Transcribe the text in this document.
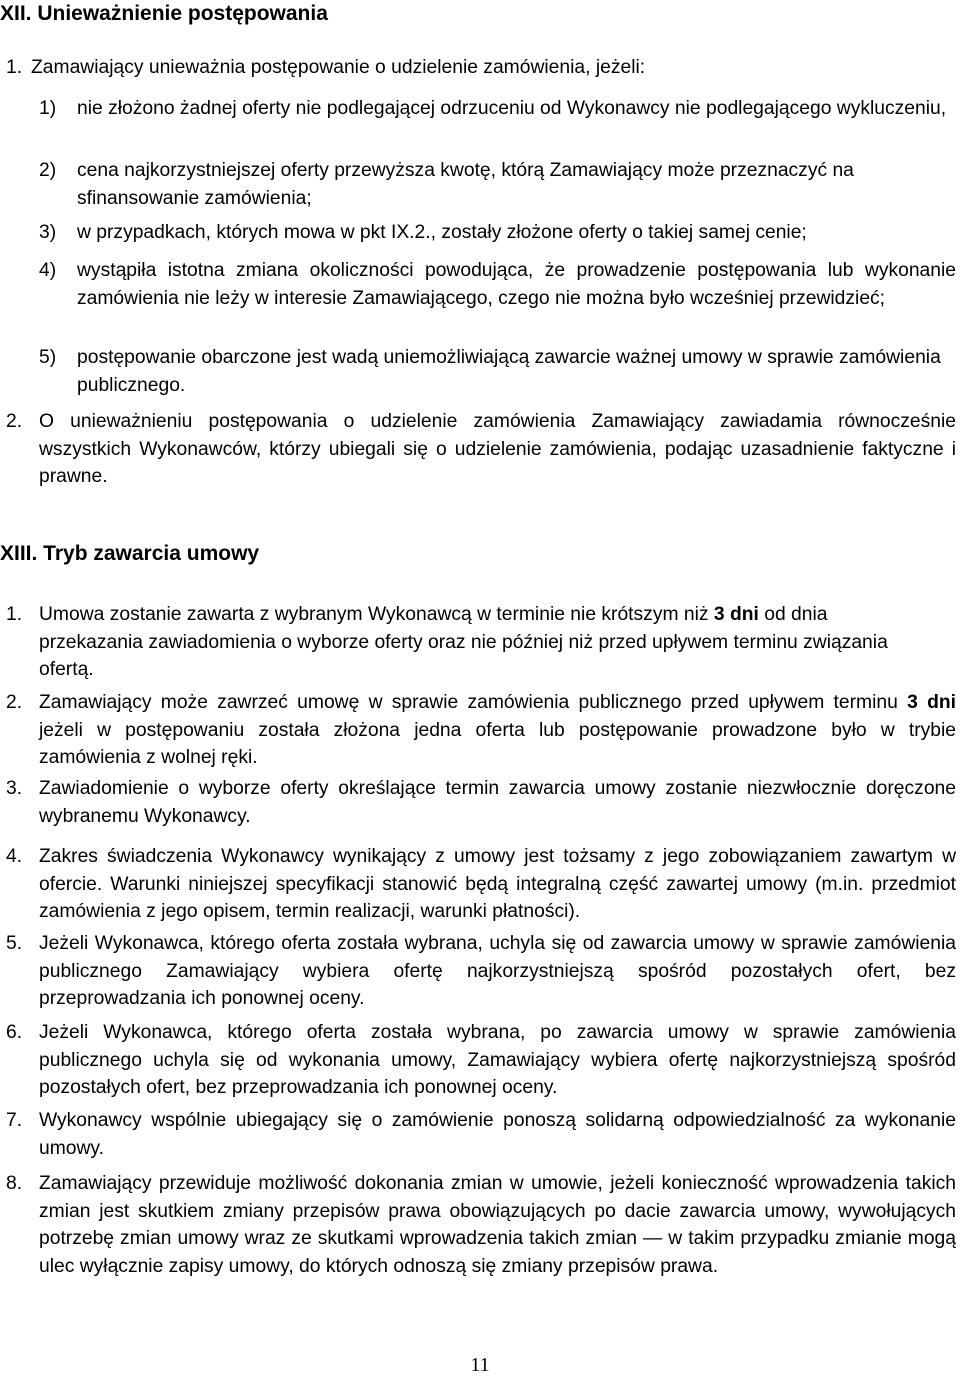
XII. Unieważnienie postępowania
1. Zamawiający unieważnia postępowanie o udzielenie zamówienia, jeżeli:
1) nie złożono żadnej oferty nie podlegającej odrzuceniu od Wykonawcy nie podlegającego wykluczeniu,
2) cena najkorzystniejszej oferty przewyższa kwotę, którą Zamawiający może przeznaczyć na sfinansowanie zamówienia;
3) w przypadkach, których mowa w pkt IX.2., zostały złożone oferty o takiej samej cenie;
4) wystąpiła istotna zmiana okoliczności powodująca, że prowadzenie postępowania lub wykonanie zamówienia nie leży w interesie Zamawiającego, czego nie można było wcześniej przewidzieć;
5) postępowanie obarczone jest wadą uniemożliwiającą zawarcie ważnej umowy w sprawie zamówienia publicznego.
2. O unieważnieniu postępowania o udzielenie zamówienia Zamawiający zawiadamia równocześnie wszystkich Wykonawców, którzy ubiegali się o udzielenie zamówienia, podając uzasadnienie faktyczne i prawne.
XIII. Tryb zawarcia umowy
1. Umowa zostanie zawarta z wybranym Wykonawcą w terminie nie krótszym niż 3 dni od dnia przekazania zawiadomienia o wyborze oferty oraz nie później niż przed upływem terminu związania ofertą.
2. Zamawiający może zawrzeć umowę w sprawie zamówienia publicznego przed upływem terminu 3 dni jeżeli w postępowaniu została złożona jedna oferta lub postępowanie prowadzone było w trybie zamówienia z wolnej ręki.
3. Zawiadomienie o wyborze oferty określające termin zawarcia umowy zostanie niezwłocznie doręczone wybranemu Wykonawcy.
4. Zakres świadczenia Wykonawcy wynikający z umowy jest tożsamy z jego zobowiązaniem zawartym w ofercie. Warunki niniejszej specyfikacji stanowić będą integralną część zawartej umowy (m.in. przedmiot zamówienia z jego opisem, termin realizacji, warunki płatności).
5. Jeżeli Wykonawca, którego oferta została wybrana, uchyla się od zawarcia umowy w sprawie zamówienia publicznego Zamawiający wybiera ofertę najkorzystniejszą spośród pozostałych ofert, bez przeprowadzania ich ponownej oceny.
6. Jeżeli Wykonawca, którego oferta została wybrana, po zawarcia umowy w sprawie zamówienia publicznego uchyla się od wykonania umowy, Zamawiający wybiera ofertę najkorzystniejszą spośród pozostałych ofert, bez przeprowadzania ich ponownej oceny.
7. Wykonawcy wspólnie ubiegający się o zamówienie ponoszą solidarną odpowiedzialność za wykonanie umowy.
8. Zamawiający przewiduje możliwość dokonania zmian w umowie, jeżeli konieczność wprowadzenia takich zmian jest skutkiem zmiany przepisów prawa obowiązujących po dacie zawarcia umowy, wywołujących potrzebę zmian umowy wraz ze skutkami wprowadzenia takich zmian — w takim przypadku zmianie mogą ulec wyłącznie zapisy umowy, do których odnoszą się zmiany przepisów prawa.
11
